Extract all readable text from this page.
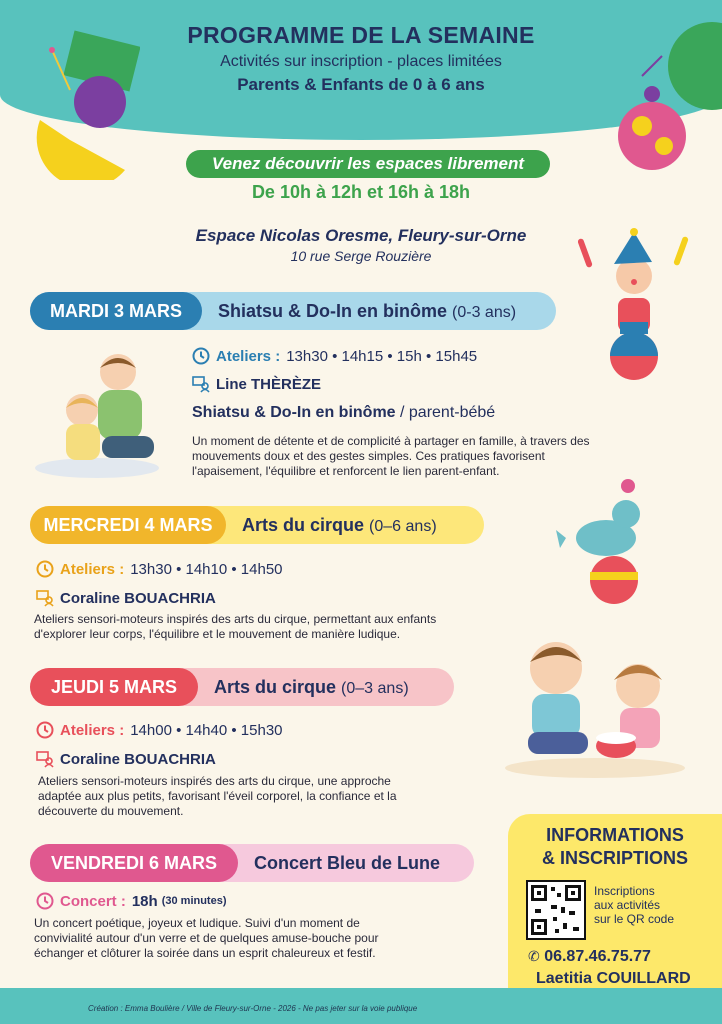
PROGRAMME DE LA SEMAINE
Activités sur inscription - places limitées
Parents & Enfants de 0 à 6 ans
Venez découvrir les espaces librement
De 10h à 12h et 16h à 18h
Espace Nicolas Oresme, Fleury-sur-Orne
10 rue Serge Rouzière
MARDI 3 MARS	Shiatsu & Do-In en binôme (0-3 ans)
Ateliers : 13h30 • 14h15 • 15h • 15h45
Line THÈRÈZE
Shiatsu & Do-In en binôme / parent-bébé
Un moment de détente et de complicité à partager en famille, à travers des mouvements doux et des gestes simples. Ces pratiques favorisent l'apaisement, l'équilibre et renforcent le lien parent-enfant.
MERCREDI 4 MARS	Arts du cirque (0–6 ans)
Ateliers : 13h30 • 14h10 • 14h50
Coraline BOUACHRIA
Ateliers sensori-moteurs inspirés des arts du cirque, permettant aux enfants d'explorer leur corps, l'équilibre et le mouvement de manière ludique.
JEUDI 5 MARS	Arts du cirque (0–3 ans)
Ateliers : 14h00 • 14h40 • 15h30
Coraline BOUACHRIA
Ateliers sensori-moteurs inspirés des arts du cirque, une approche adaptée aux plus petits, favorisant l'éveil corporel, la confiance et la découverte du mouvement.
VENDREDI 6 MARS	Concert Bleu de Lune
Concert : 18h (30 minutes)
Un concert poétique, joyeux et ludique. Suivi d'un moment de convivialité autour d'un verre et de quelques amuse-bouche pour échanger et clôturer la soirée dans un esprit chaleureux et festif.
INFORMATIONS
& INSCRIPTIONS
Inscriptions
aux activités
sur le QR code
✆ 06.87.46.75.77
Laetitia COUILLARD
Création : Emma Boulière / Ville de Fleury-sur-Orne - 2026 - Ne pas jeter sur la voie publique
